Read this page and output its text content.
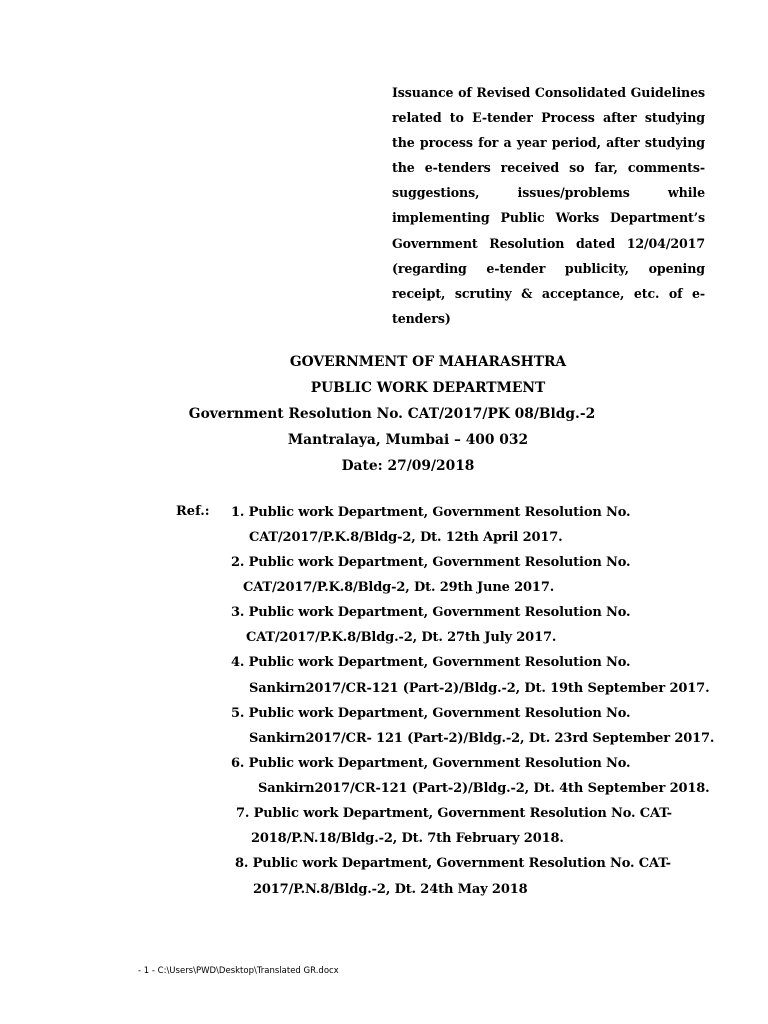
Issuance of Revised Consolidated Guidelines related to E-tender Process after studying the process for a year period, after studying the e-tenders received so far, comments-suggestions, issues/problems while implementing Public Works Department’s Government Resolution dated 12/04/2017 (regarding e-tender publicity, opening receipt, scrutiny & acceptance, etc. of e-tenders)
GOVERNMENT OF MAHARASHTRA
PUBLIC WORK DEPARTMENT
Government Resolution No. CAT/2017/PK 08/Bldg.-2
Mantralaya, Mumbai – 400 032
Date: 27/09/2018
Ref.: 1. Public work Department, Government Resolution No.
CAT/2017/P.K.8/Bldg-2, Dt. 12th April 2017.
2. Public work Department, Government Resolution No.
CAT/2017/P.K.8/Bldg-2, Dt. 29th June 2017.
3. Public work Department, Government Resolution No.
CAT/2017/P.K.8/Bldg.-2, Dt. 27th July 2017.
4. Public work Department, Government Resolution No.
Sankirn2017/CR-121 (Part-2)/Bldg.-2, Dt. 19th September 2017.
5. Public work Department, Government Resolution No.
Sankirn2017/CR- 121 (Part-2)/Bldg.-2, Dt. 23rd September 2017.
6. Public work Department, Government Resolution No.
Sankirn2017/CR-121 (Part-2)/Bldg.-2, Dt. 4th September 2018.
7. Public work Department, Government Resolution No. CAT-
2018/P.N.18/Bldg.-2, Dt. 7th February 2018.
8. Public work Department, Government Resolution No. CAT-
2017/P.N.8/Bldg.-2, Dt. 24th May 2018
- 1 - C:\Users\PWD\Desktop\Translated GR.docx
